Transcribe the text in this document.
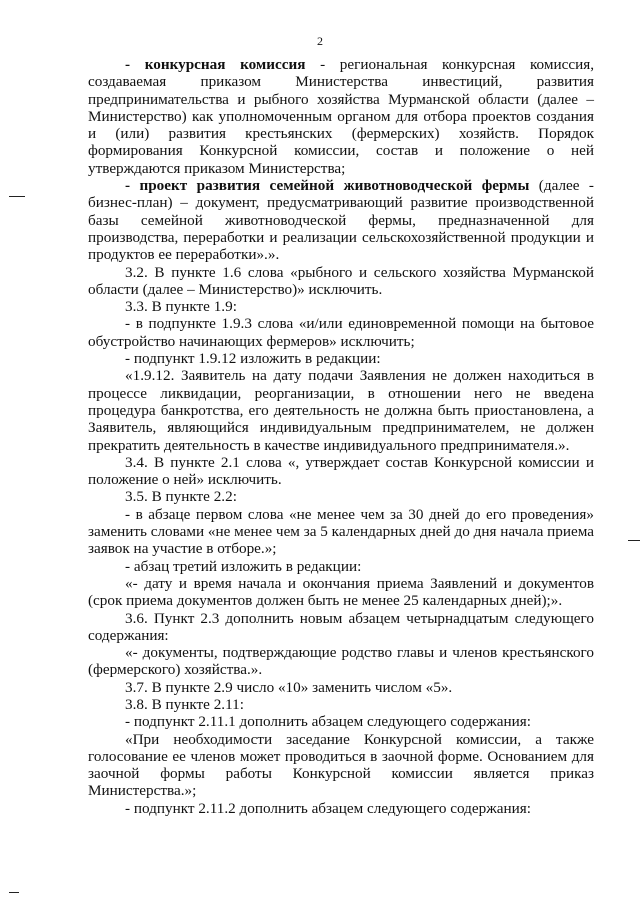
2

- конкурсная комиссия - региональная конкурсная комиссия, создаваемая приказом Министерства инвестиций, развития предпринимательства и рыбного хозяйства Мурманской области (далее – Министерство) как уполномоченным органом для отбора проектов создания и (или) развития крестьянских (фермерских) хозяйств. Порядок формирования Конкурсной комиссии, состав и положение о ней утверждаются приказом Министерства;

- проект развития семейной животноводческой фермы (далее - бизнес-план) – документ, предусматривающий развитие производственной базы семейной животноводческой фермы, предназначенной для производства, переработки и реализации сельскохозяйственной продукции и продуктов ее переработки».».

3.2. В пункте 1.6 слова «рыбного и сельского хозяйства Мурманской области (далее – Министерство)» исключить.

3.3. В пункте 1.9:

- в подпункте 1.9.3 слова «и/или единовременной помощи на бытовое обустройство начинающих фермеров» исключить;

- подпункт 1.9.12 изложить в редакции:

«1.9.12. Заявитель на дату подачи Заявления не должен находиться в процессе ликвидации, реорганизации, в отношении него не введена процедура банкротства, его деятельность не должна быть приостановлена, а Заявитель, являющийся индивидуальным предпринимателем, не должен прекратить деятельность в качестве индивидуального предпринимателя.».

3.4. В пункте 2.1 слова «, утверждает состав Конкурсной комиссии и положение о ней» исключить.

3.5. В пункте 2.2:

- в абзаце первом слова «не менее чем за 30 дней до его проведения» заменить словами «не менее чем за 5 календарных дней до дня начала приема заявок на участие в отборе.»;

- абзац третий изложить в редакции:

«- дату и время начала и окончания приема Заявлений и документов (срок приема документов должен быть не менее 25 календарных дней);».

3.6. Пункт 2.3 дополнить новым абзацем четырнадцатым следующего содержания:

«- документы, подтверждающие родство главы и членов крестьянского (фермерского) хозяйства.».

3.7. В пункте 2.9 число «10» заменить числом «5».

3.8. В пункте 2.11:

- подпункт 2.11.1 дополнить абзацем следующего содержания:

«При необходимости заседание Конкурсной комиссии, а также голосование ее членов может проводиться в заочной форме. Основанием для заочной формы работы Конкурсной комиссии является приказ Министерства.»;

- подпункт 2.11.2 дополнить абзацем следующего содержания:
